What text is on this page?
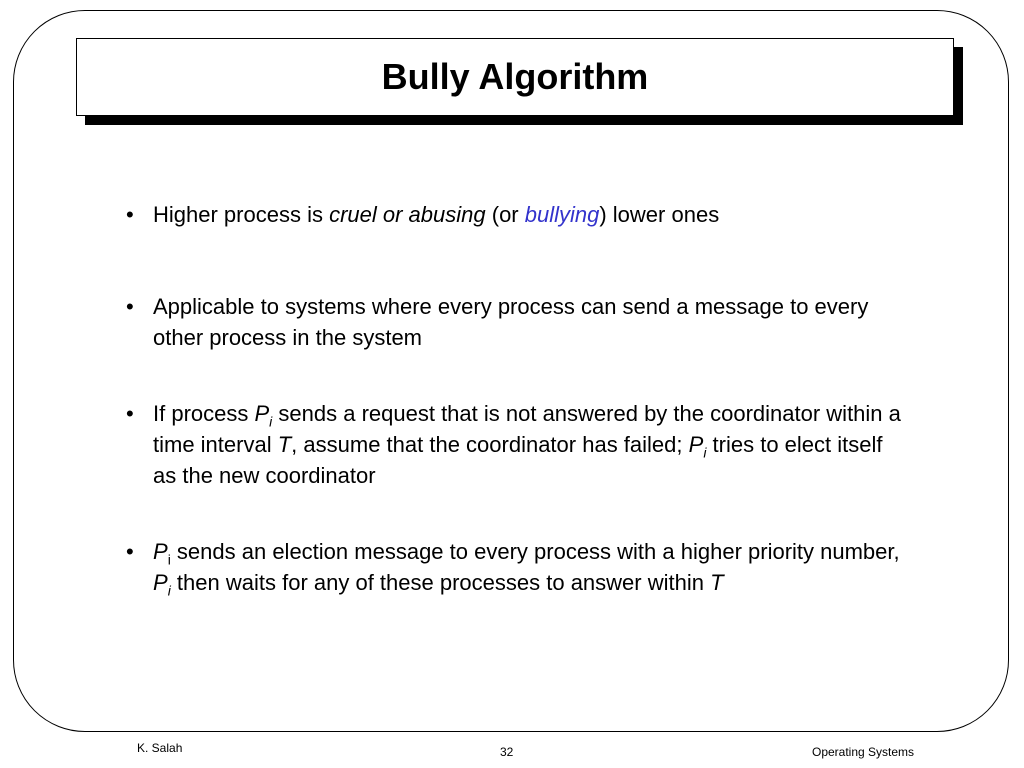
Bully Algorithm
• Higher process is cruel or abusing (or bullying) lower ones
• Applicable to systems where every process can send a message to every other process in the system
• If process $P_i$ sends a request that is not answered by the coordinator within a time interval T, assume that the coordinator has failed; $P_i$ tries to elect itself as the new coordinator
• $P_i$ sends an election message to every process with a higher priority number, $P_i$ then waits for any of these processes to answer within T
K. Salah	32	Operating Systems
